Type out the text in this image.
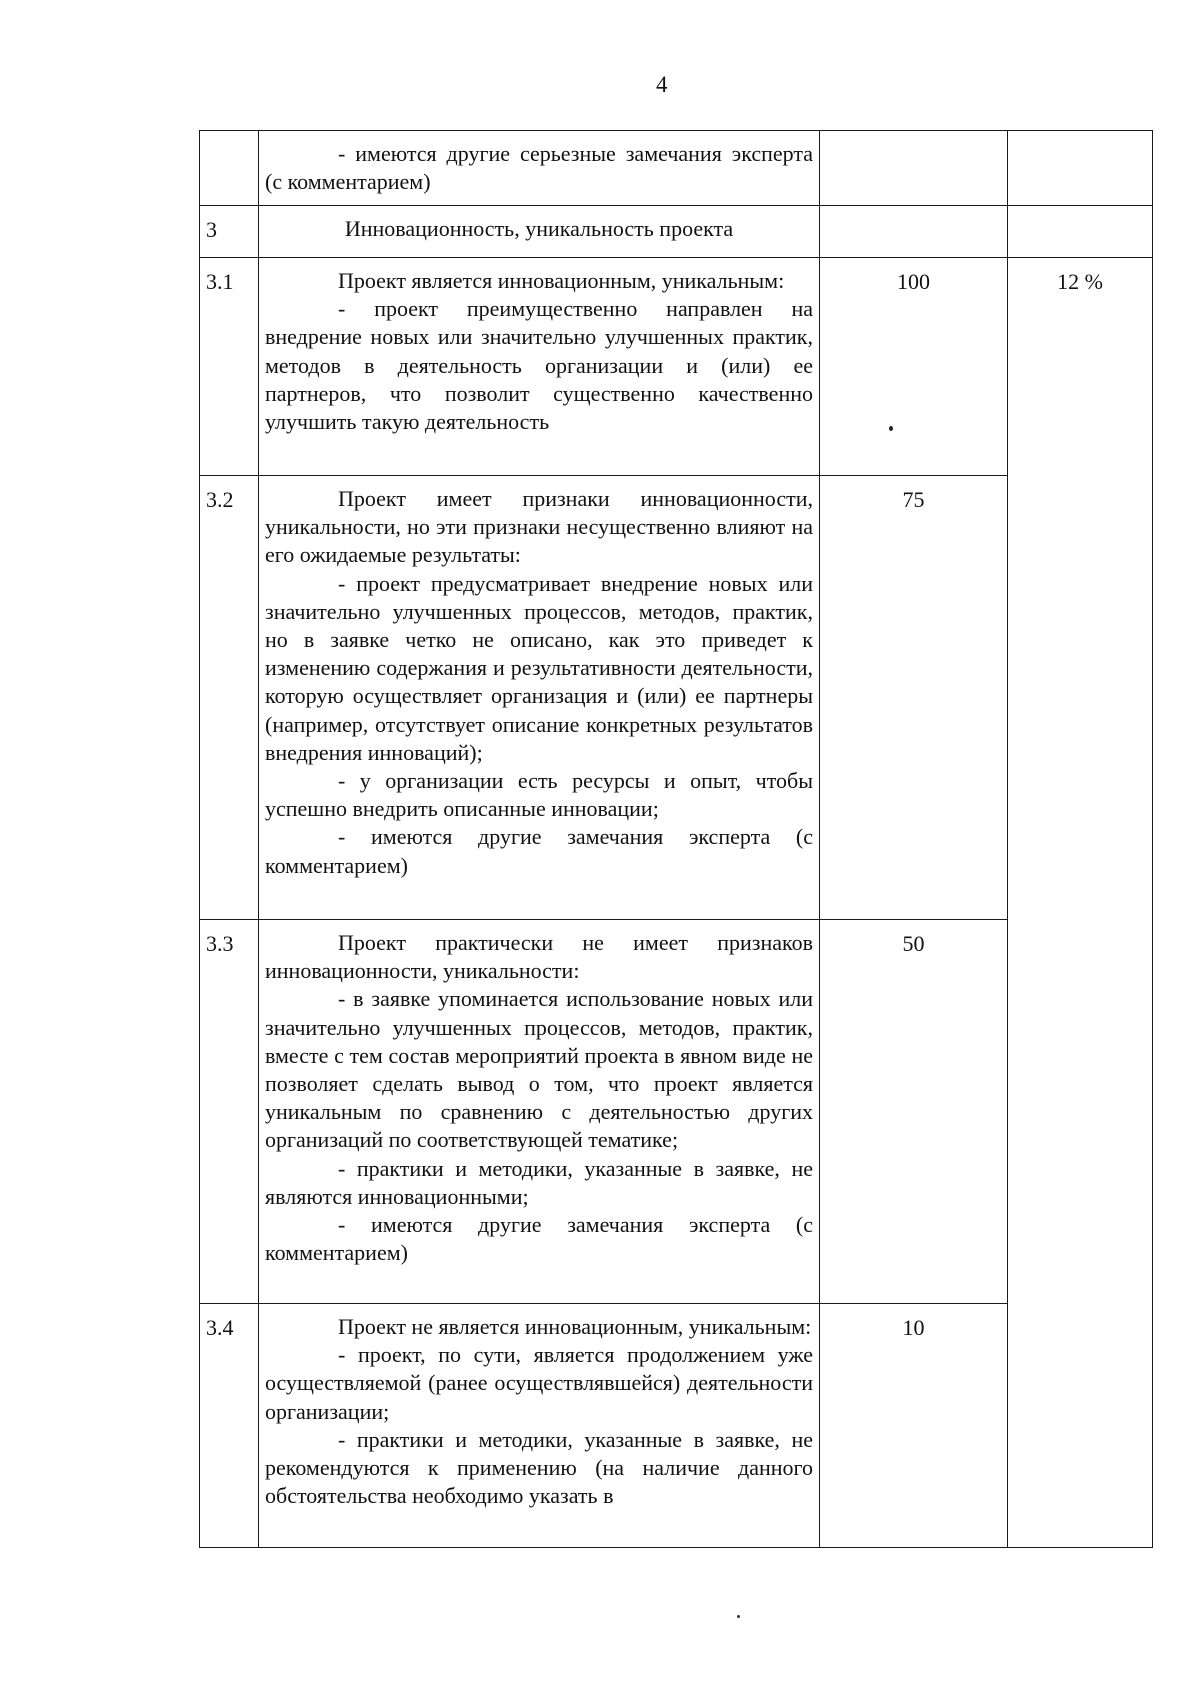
4

	- имеются другие серьезные замечания эксперта (с комментарием)		

3	Инновационность, уникальность проекта		

3.1	Проект является инновационным, уникальным:

- проект преимущественно направлен на внедрение новых или значительно улучшенных практик, методов в деятельность организации и (или) ее партнеров, что позволит существенно качественно улучшить такую деятельность	100	12 %
3.2	Проект имеет признаки инновационности, уникальности, но эти признаки несущественно влияют на его ожидаемые результаты:

- проект предусматривает внедрение новых или значительно улучшенных процессов, методов, практик, но в заявке четко не описано, как это приведет к изменению содержания и результативности деятельности, которую осуществляет организация и (или) ее партнеры (например, отсутствует описание конкретных результатов внедрения инноваций);

- у организации есть ресурсы и опыт, чтобы успешно внедрить описанные инновации;

- имеются другие замечания эксперта (с комментарием)	75	
3.3	Проект практически не имеет признаков инновационности, уникальности:

- в заявке упоминается использование новых или значительно улучшенных процессов, методов, практик, вместе с тем состав мероприятий проекта в явном виде не позволяет сделать вывод о том, что проект является уникальным по сравнению с деятельностью других организаций по соответствующей тематике;

- практики и методики, указанные в заявке, не являются инновационными;

- имеются другие замечания эксперта (с комментарием)	50	
3.4	Проект не является инновационным, уникальным:

- проект, по сути, является продолжением уже осуществляемой (ранее осуществлявшейся) деятельности организации;

- практики и методики, указанные в заявке, не рекомендуются к применению (на наличие данного обстоятельства необходимо указать в	10	
